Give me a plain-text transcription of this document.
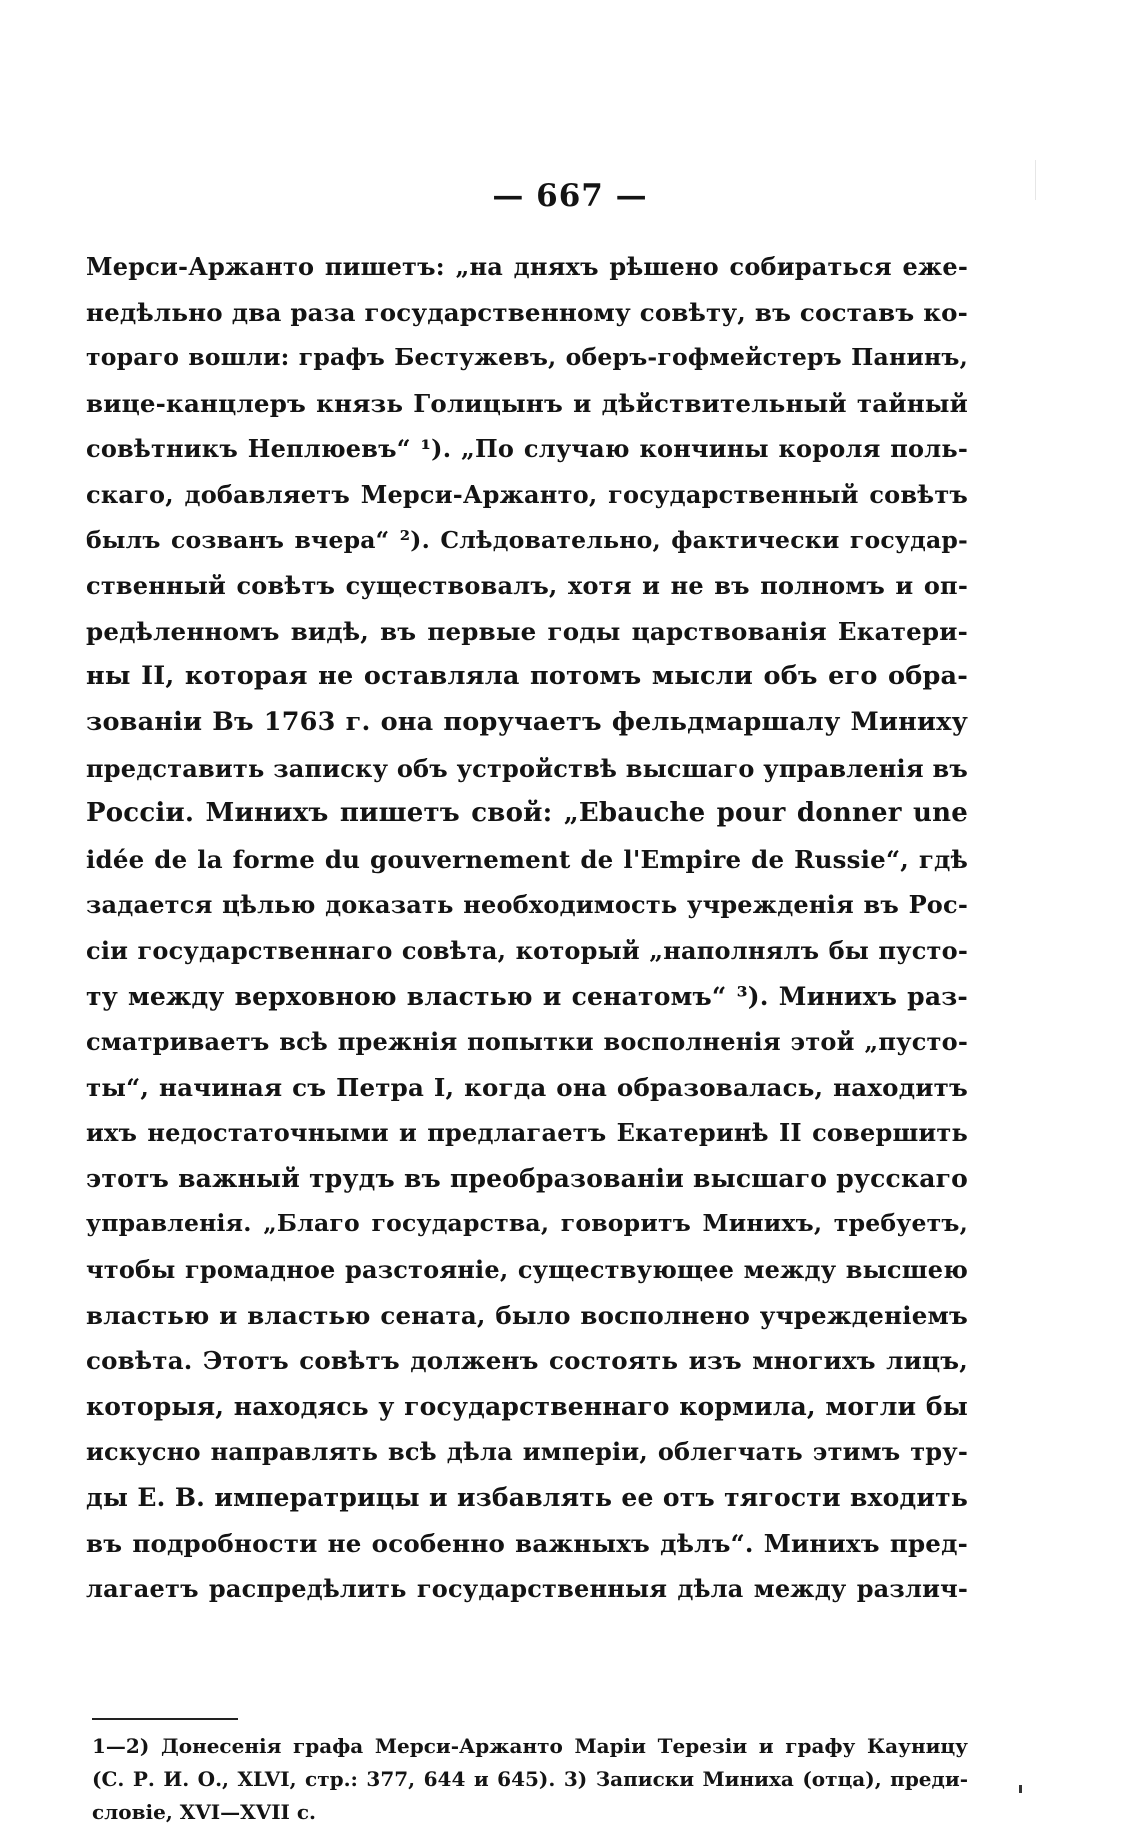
— 667 —
Мерси-Аржанто пишетъ: „на дняхъ рѣшено собираться еже-
недѣльно два раза государственному совѣту, въ составъ ко-
тораго вошли: графъ Бестужевъ, оберъ-гофмейстеръ Панинъ,
вице-канцлеръ князь Голицынъ и дѣйствительный тайный
совѣтникъ Неплюевъ“ ¹). „По случаю кончины короля поль-
скаго, добавляетъ Мерси-Аржанто, государственный совѣтъ
былъ созванъ вчера“ ²). Слѣдовательно, фактически государ-
ственный совѣтъ существовалъ, хотя и не въ полномъ и оп-
редѣленномъ видѣ, въ первые годы царствованія Екатери-
ны II, которая не оставляла потомъ мысли объ его обра-
зованіи Въ 1763 г. она поручаетъ фельдмаршалу Миниху
представить записку объ устройствѣ высшаго управленія въ
Россіи. Минихъ пишетъ свой: „Ebauche pour donner une
idée de la forme du gouvernement de l'Empire de Russie“, гдѣ
задается цѣлью доказать необходимость учрежденія въ Рос-
сіи государственнаго совѣта, который „наполнялъ бы пусто-
ту между верховною властью и сенатомъ“ ³). Минихъ раз-
сматриваетъ всѣ прежнія попытки восполненія этой „пусто-
ты“, начиная съ Петра I, когда она образовалась, находитъ
ихъ недостаточными и предлагаетъ Екатеринѣ II совершить
этотъ важный трудъ въ преобразованіи высшаго русскаго
управленія. „Благо государства, говоритъ Минихъ, требуетъ,
чтобы громадное разстояніе, существующее между высшею
властью и властью сената, было восполнено учрежденіемъ
совѣта. Этотъ совѣтъ долженъ состоять изъ многихъ лицъ,
которыя, находясь у государственнаго кормила, могли бы
искусно направлять всѣ дѣла имперіи, облегчать этимъ тру-
ды Е. В. императрицы и избавлять ее отъ тягости входить
въ подробности не особенно важныхъ дѣлъ“. Минихъ пред-
лагаетъ распредѣлить государственныя дѣла между различ-
1—2) Донесенія графа Мерси-Аржанто Маріи Терезіи и графу Кауницу
(С. Р. И. О., XLVI, стр.: 377, 644 и 645). 3) Записки Миниха (отца), преди-
словіе, XVI—XVII с.
